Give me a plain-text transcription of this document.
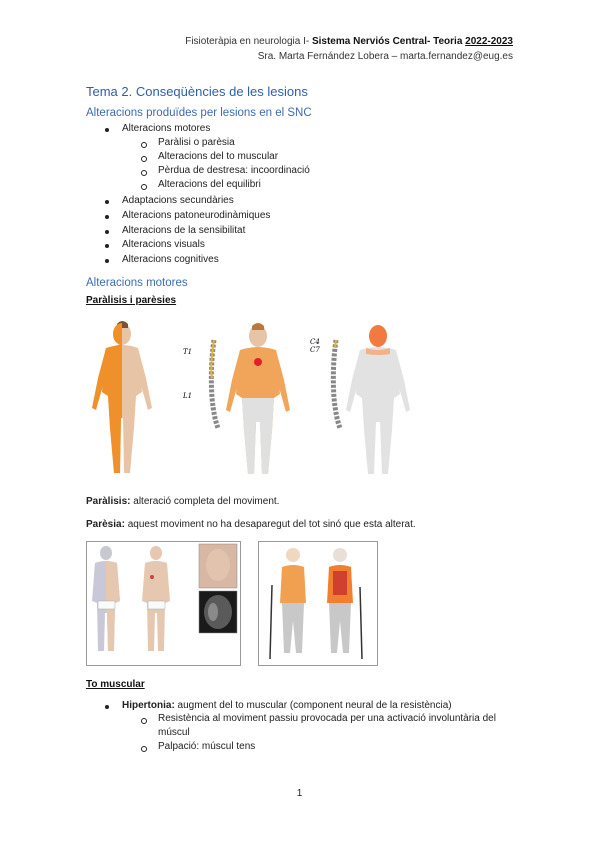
Fisioteràpia en neurologia I- Sistema Nerviós Central- Teoria 2022-2023
Sra. Marta Fernández Lobera – marta.fernandez@eug.es
Tema 2. Conseqüències de les lesions
Alteracions produïdes per lesions en el SNC
Alteracions motores
Paràlisi o parèsia
Alteracions del to muscular
Pèrdua de destresa: incoordinació
Alteracions del equilibri
Adaptacions secundàries
Alteracions patoneurodinàmiques
Alteracions de la sensibilitat
Alteracions visuals
Alteracions cognitives
Alteracions motores
Paràlisis i parèsies
T1
L1
C4
C7
Paràlisis: alteració completa del moviment.
Parèsia: aquest moviment no ha desaparegut del tot sinó que esta alterat.
To muscular
Hipertonia: augment del to muscular (component neural de la resistència)
Resistència al moviment passiu provocada per una activació involuntària del
múscul
Palpació: múscul tens
1
